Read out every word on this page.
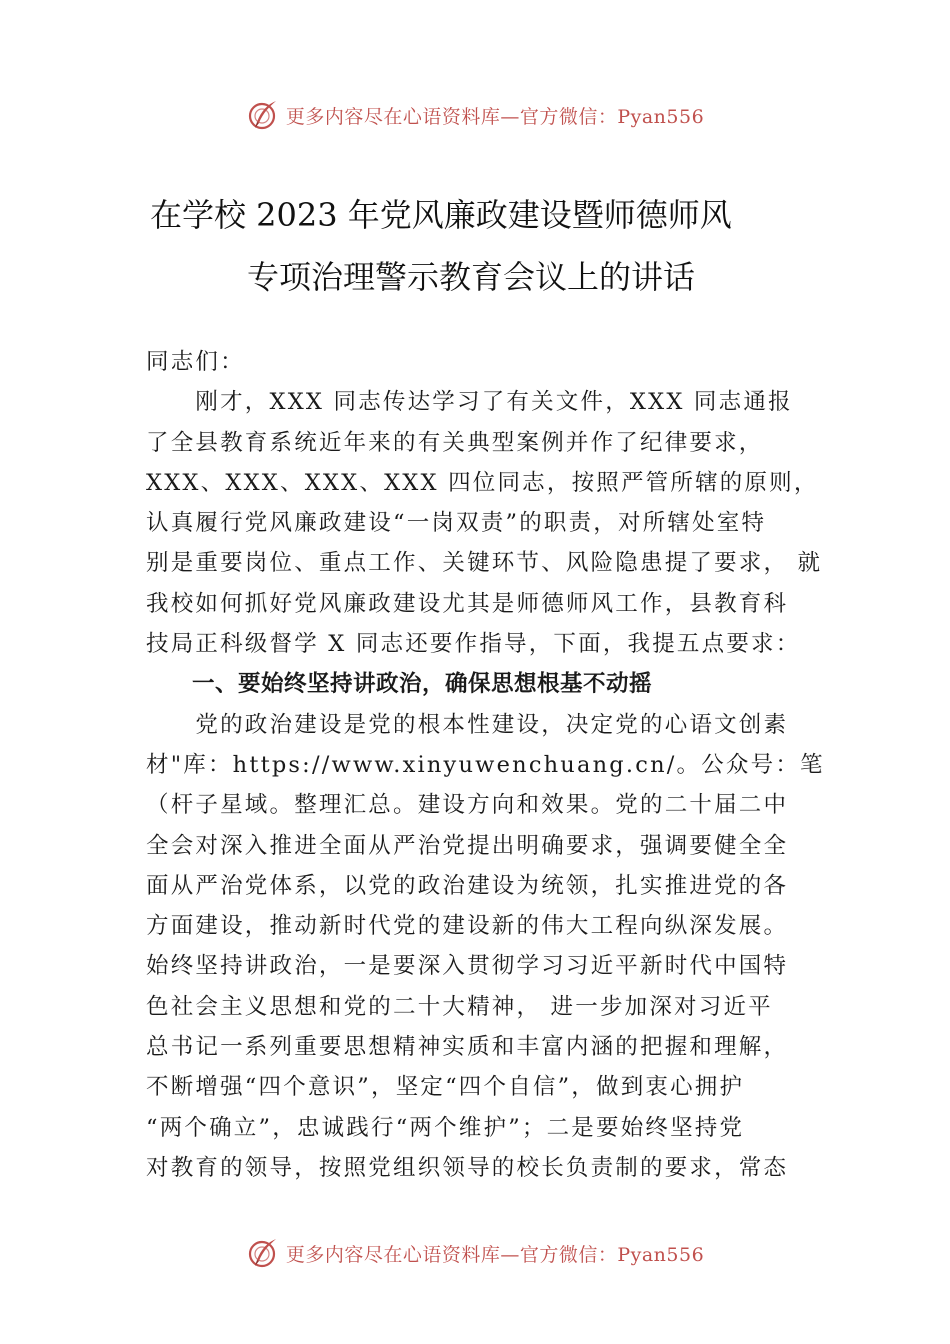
更多内容尽在心语资料库—官方微信：Pyan556
在学校 2023 年党风廉政建设暨师德师风
专项治理警示教育会议上的讲话
同志们：
　　刚才，XXX 同志传达学习了有关文件，XXX 同志通报
了全县教育系统近年来的有关典型案例并作了纪律要求，
XXX、XXX、XXX、XXX 四位同志，按照严管所辖的原则，
认真履行党风廉政建设“一岗双责”的职责，对所辖处室特
别是重要岗位、重点工作、关键环节、风险隐患提了要求， 就
我校如何抓好党风廉政建设尤其是师德师风工作，县教育科
技局正科级督学 X 同志还要作指导，下面，我提五点要求：
　　一、要始终坚持讲政治，确保思想根基不动摇
　　党的政治建设是党的根本性建设，决定党的心语文创素
材"库：https://www.xinyuwenchuang.cn/。公众号：笔
（杆子星域。整理汇总。建设方向和效果。党的二十届二中
全会对深入推进全面从严治党提出明确要求，强调要健全全
面从严治党体系，以党的政治建设为统领，扎实推进党的各
方面建设，推动新时代党的建设新的伟大工程向纵深发展。
始终坚持讲政治，一是要深入贯彻学习习近平新时代中国特
色社会主义思想和党的二十大精神， 进一步加深对习近平
总书记一系列重要思想精神实质和丰富内涵的把握和理解，
不断增强“四个意识”，坚定“四个自信”，做到衷心拥护
“两个确立”，忠诚践行“两个维护”；二是要始终坚持党
对教育的领导，按照党组织领导的校长负责制的要求，常态
更多内容尽在心语资料库—官方微信：Pyan556
